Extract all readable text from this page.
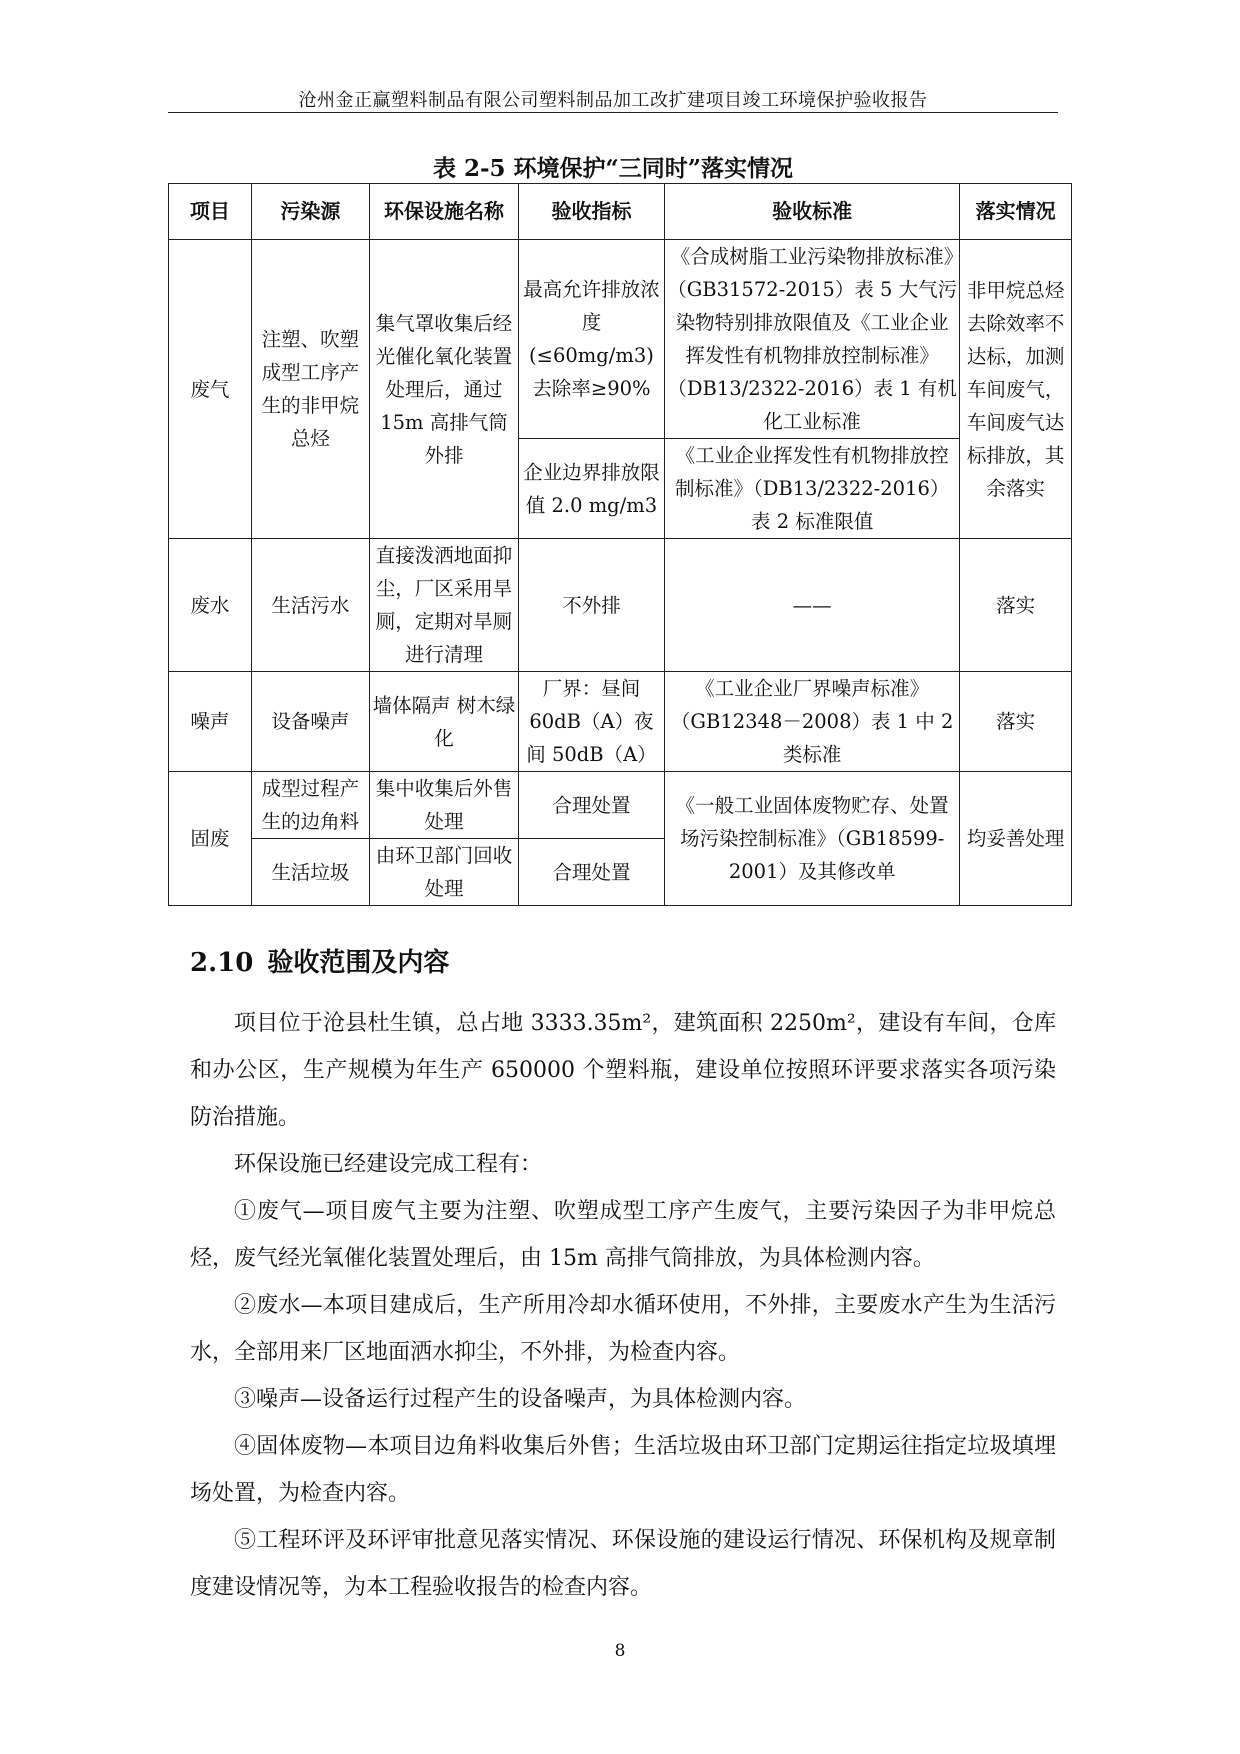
沧州金正赢塑料制品有限公司塑料制品加工改扩建项目竣工环境保护验收报告
表 2-5 环境保护“三同时”落实情况
项目	污染源	环保设施名称	验收指标	验收标准	落实情况
废气	注塑、吹塑成型工序产生的非甲烷总烃	集气罩收集后经光催化氧化装置处理后，通过 15m 高排气筒外排	最高允许排放浓度(≤60mg/m3)去除率≥90%	《合成树脂工业污染物排放标准》（GB31572-2015）表 5 大气污染物特别排放限值及《工业企业挥发性有机物排放控制标准》（DB13/2322-2016）表 1 有机化工业标准	非甲烷总烃去除效率不达标，加测车间废气，车间废气达标排放，其余落实
			企业边界排放限值 2.0 mg/m3	《工业企业挥发性有机物排放控制标准》（DB13/2322-2016）表 2 标准限值	
废水	生活污水	直接泼洒地面抑尘，厂区采用旱厕，定期对旱厕进行清理	不外排	——	落实
噪声	设备噪声	墙体隔声 树木绿化	厂界：昼间 60dB（A）夜间 50dB（A）	《工业企业厂界噪声标准》（GB12348－2008）表 1 中 2 类标准	落实
固废	成型过程产生的边角料	集中收集后外售处理	合理处置	《一般工业固体废物贮存、处置场污染控制标准》（GB18599-2001）及其修改单	均妥善处理
	生活垃圾	由环卫部门回收处理	合理处置		
2.10 验收范围及内容
项目位于沧县杜生镇，总占地 3333.35m²，建筑面积 2250m²，建设有车间，仓库和办公区，生产规模为年生产 650000 个塑料瓶，建设单位按照环评要求落实各项污染防治措施。
环保设施已经建设完成工程有：
①废气—项目废气主要为注塑、吹塑成型工序产生废气，主要污染因子为非甲烷总烃，废气经光氧催化装置处理后，由 15m 高排气筒排放，为具体检测内容。
②废水—本项目建成后，生产所用冷却水循环使用，不外排，主要废水产生为生活污水，全部用来厂区地面洒水抑尘，不外排，为检查内容。
③噪声—设备运行过程产生的设备噪声，为具体检测内容。
④固体废物—本项目边角料收集后外售；生活垃圾由环卫部门定期运往指定垃圾填埋场处置，为检查内容。
⑤工程环评及环评审批意见落实情况、环保设施的建设运行情况、环保机构及规章制度建设情况等，为本工程验收报告的检查内容。
8
